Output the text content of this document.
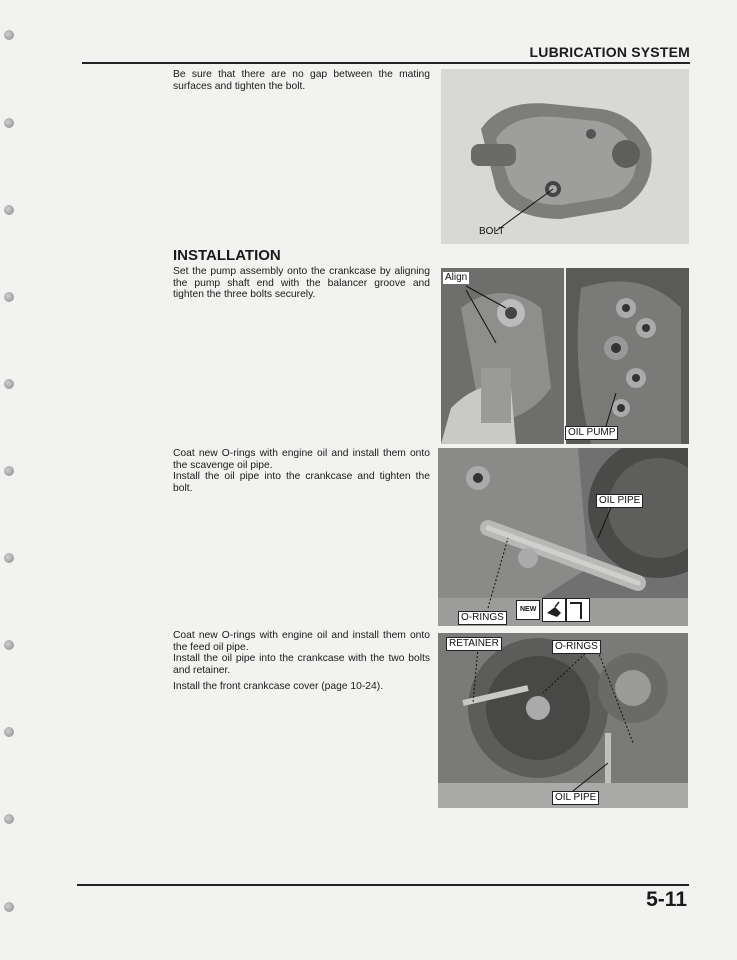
LUBRICATION SYSTEM

Be sure that there are no gap between the mating surfaces and tighten the bolt.

BOLT
INSTALLATION

Set the pump assembly onto the crankcase by aligning the pump shaft end with the balancer groove and tighten the three bolts securely.

Align
OIL PUMP

Coat new O-rings with engine oil and install them onto the scavenge oil pipe.

Install the oil pipe into the crankcase and tighten the bolt.

OIL PIPE
O-RINGS
NEW

Coat new O-rings with engine oil and install them onto the feed oil pipe.

Install the oil pipe into the crankcase with the two bolts and retainer.

Install the front crankcase cover (page 10-24).

RETAINER	O-RINGS
OIL PIPE
5-11
